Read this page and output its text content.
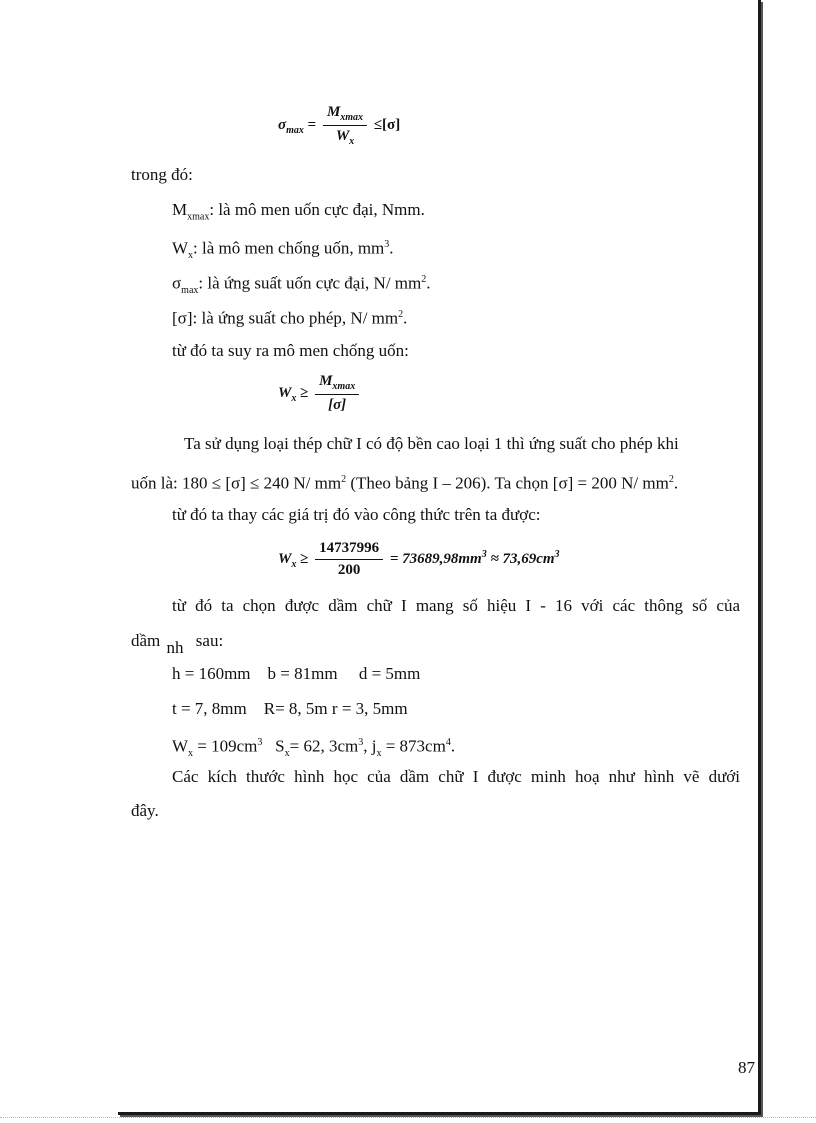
$\sigma_{max} = \frac{M_{xmax}}{W_x} \le[\sigma]$
trong đó:
$M_{xmax}$: là mô men uốn cực đại, Nmm.
$W_x$: là mô men chống uốn, $mm^3$.
$\sigma_{max}$: là ứng suất uốn cực đại, N/ $mm^2$.
[σ]: là ứng suất cho phép, N/ $mm^2$.
từ đó ta suy ra mô men chống uốn:
$W_x \ge \frac{M_{xmax}}{[\sigma]}$
Ta sử dụng loại thép chữ I có độ bền cao loại 1 thì ứng suất cho phép khi
uốn là: 180 ≤ [σ] ≤ 240 N/ $mm^2$ (Theo bảng I – 206). Ta chọn [σ] = 200 N/ $mm^2$.
từ đó ta thay các giá trị đó vào công thức trên ta được:
$W_x \ge \frac{14737996}{200} = 73689,98mm^3 \approx 73,69cm^3$
từ đó ta chọn được dầm chữ I mang số hiệu I - 16 với các thông số của
dầm nh sau:
h = 160mm    b = 81mm     d = 5mm
t = 7, 8mm    R= 8, 5m r = 3, 5mm
$W_x = 109cm^3$ $S_x= 62$, $3cm^3$, $j_x = 873cm^4$.
Các kích thước hình học của dầm chữ I được minh hoạ như hình vẽ dưới
đây.
87
